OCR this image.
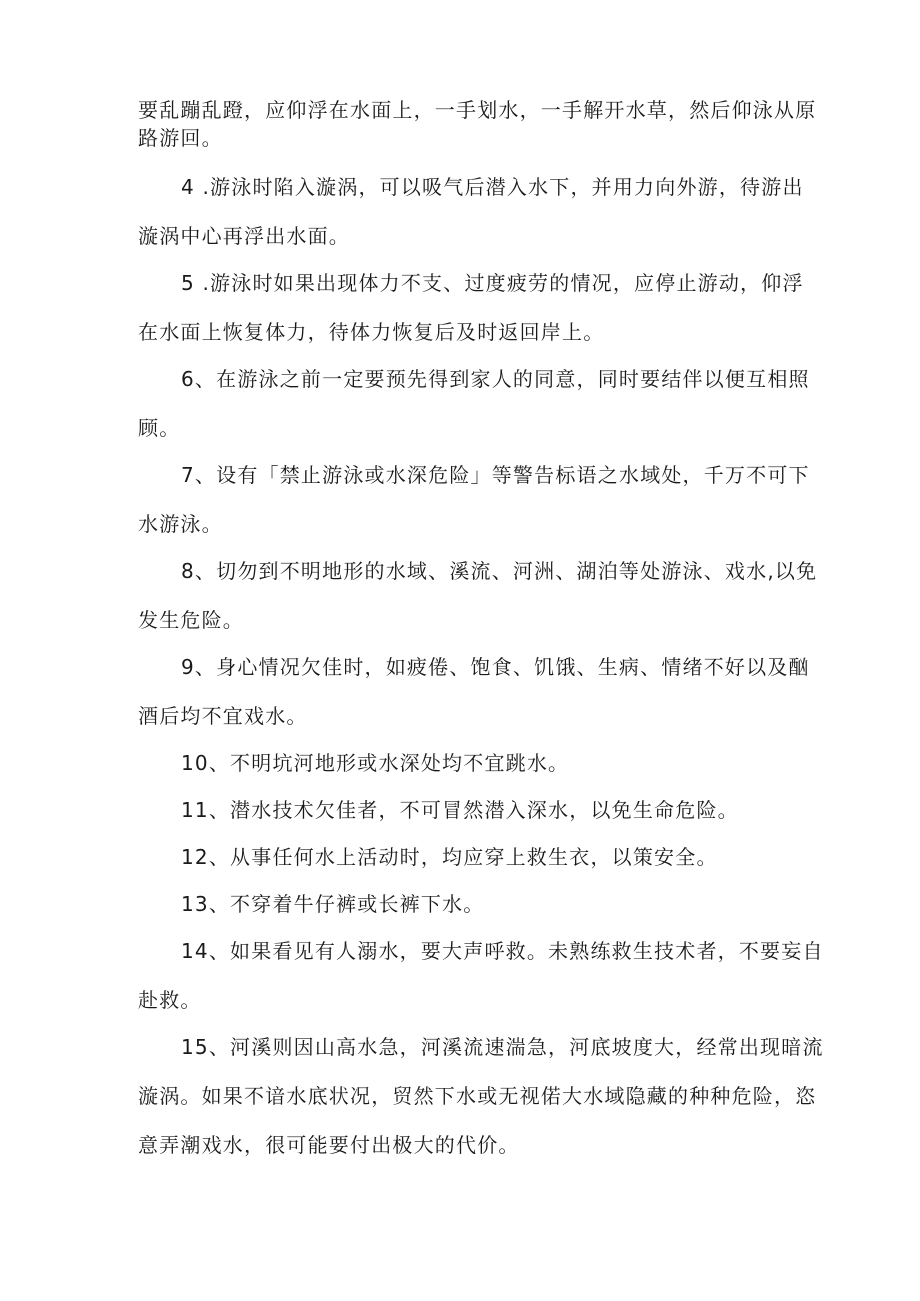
要乱蹦乱蹬，应仰浮在水面上，一手划水，一手解开水草，然后仰泳从原
路游回。

4 .游泳时陷入漩涡，可以吸气后潜入水下，并用力向外游，待游出
漩涡中心再浮出水面。

5 .游泳时如果出现体力不支、过度疲劳的情况，应停止游动，仰浮
在水面上恢复体力，待体力恢复后及时返回岸上。

6、在游泳之前一定要预先得到家人的同意，同时要结伴以便互相照
顾。

7、设有「禁止游泳或水深危险」等警告标语之水域处，千万不可下
水游泳。

8、切勿到不明地形的水域、溪流、河洲、湖泊等处游泳、戏水,以免
发生危险。

9、身心情况欠佳时，如疲倦、饱食、饥饿、生病、情绪不好以及酗
酒后均不宜戏水。

10、不明坑河地形或水深处均不宜跳水。

11、潜水技术欠佳者，不可冒然潜入深水，以免生命危险。

12、从事任何水上活动时，均应穿上救生衣，以策安全。

13、不穿着牛仔裤或长裤下水。

14、如果看见有人溺水，要大声呼救。未熟练救生技术者，不要妄自
赴救。

15、河溪则因山高水急，河溪流速湍急，河底坡度大，经常出现暗流
漩涡。如果不谙水底状况，贸然下水或无视偌大水域隐藏的种种危险，恣
意弄潮戏水，很可能要付出极大的代价。
